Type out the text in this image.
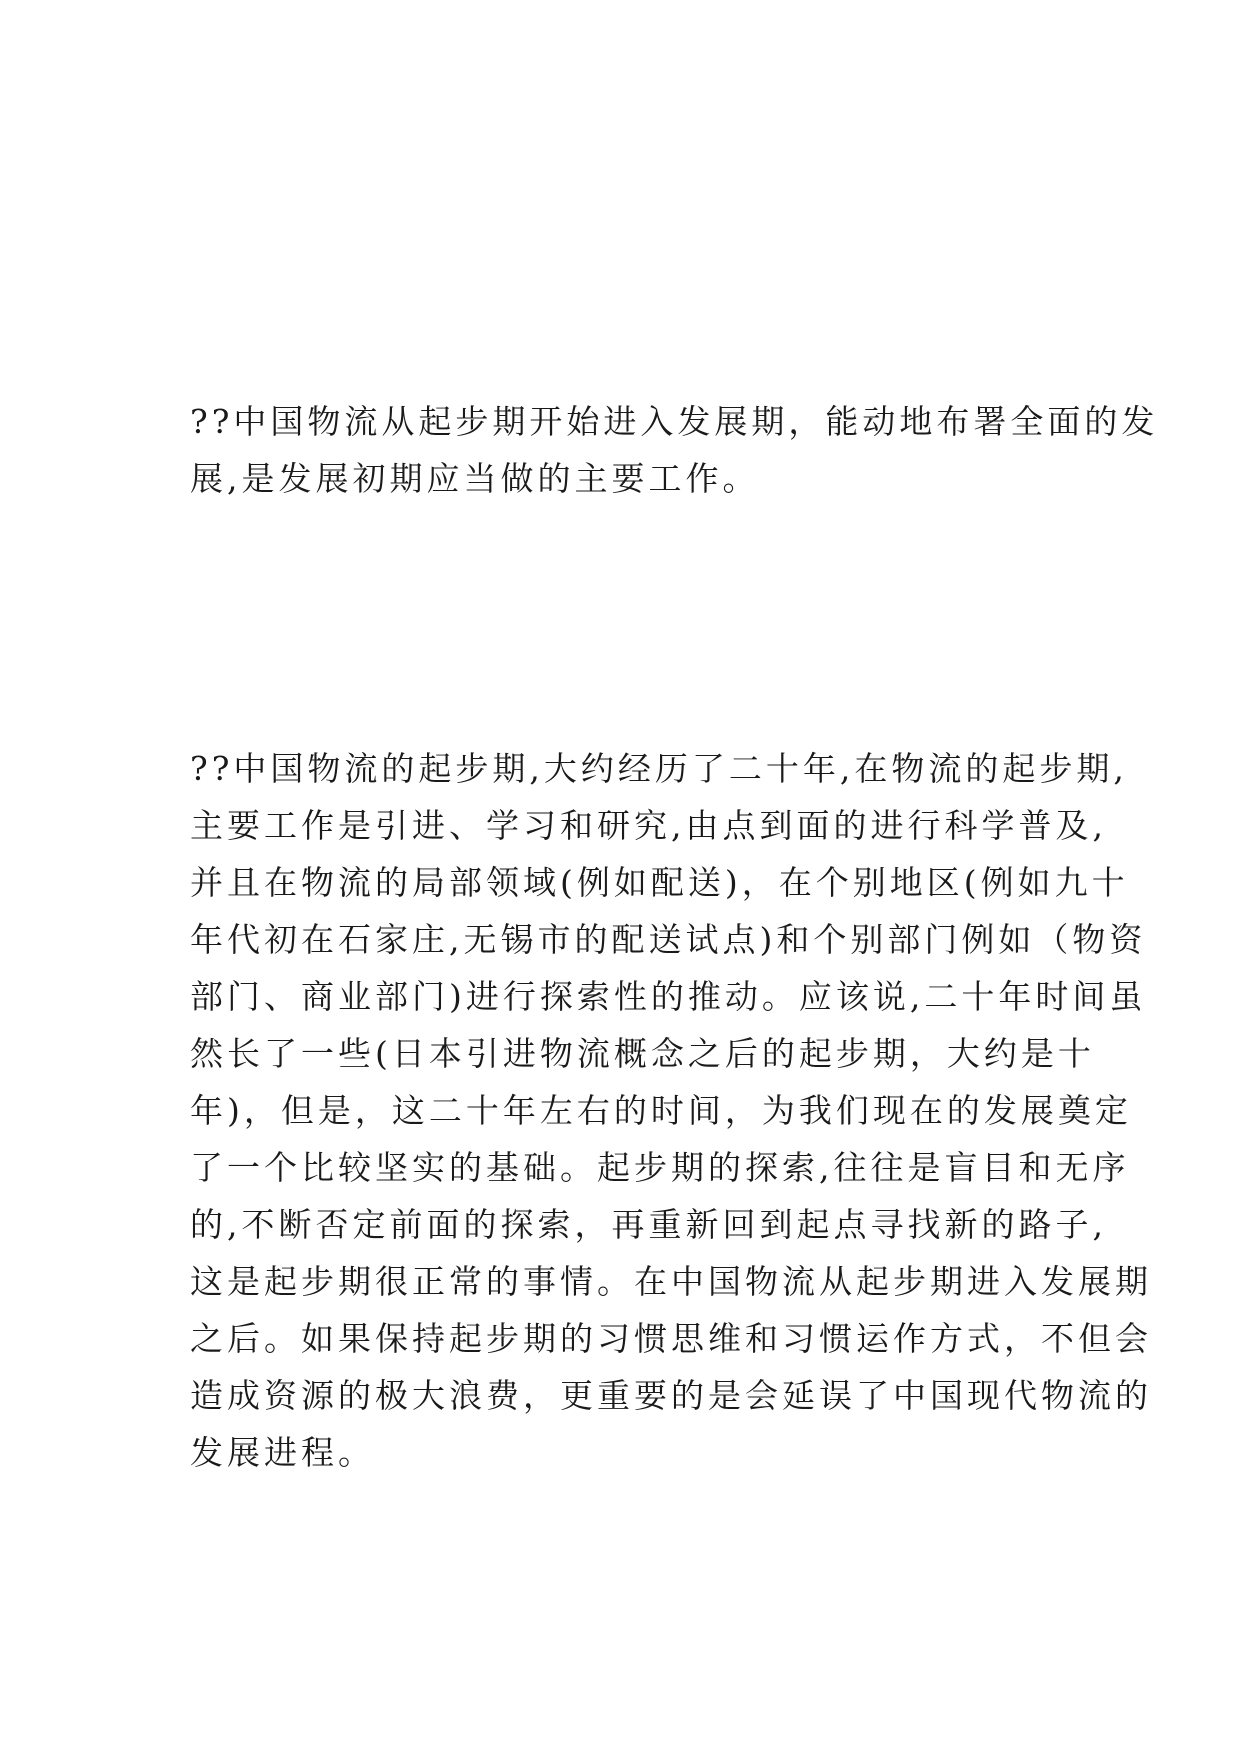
??中国物流从起步期开始进入发展期，能动地布署全面的发
展,是发展初期应当做的主要工作。

??中国物流的起步期,大约经历了二十年,在物流的起步期,
主要工作是引进、学习和研究,由点到面的进行科学普及,
并且在物流的局部领域(例如配送)，在个别地区(例如九十
年代初在石家庄,无锡市的配送试点)和个别部门例如（物资
部门、商业部门)进行探索性的推动。应该说,二十年时间虽
然长了一些(日本引进物流概念之后的起步期，大约是十
年)，但是，这二十年左右的时间，为我们现在的发展奠定
了一个比较坚实的基础。起步期的探索,往往是盲目和无序
的,不断否定前面的探索，再重新回到起点寻找新的路子,
这是起步期很正常的事情。在中国物流从起步期进入发展期
之后。如果保持起步期的习惯思维和习惯运作方式，不但会
造成资源的极大浪费，更重要的是会延误了中国现代物流的
发展进程。
